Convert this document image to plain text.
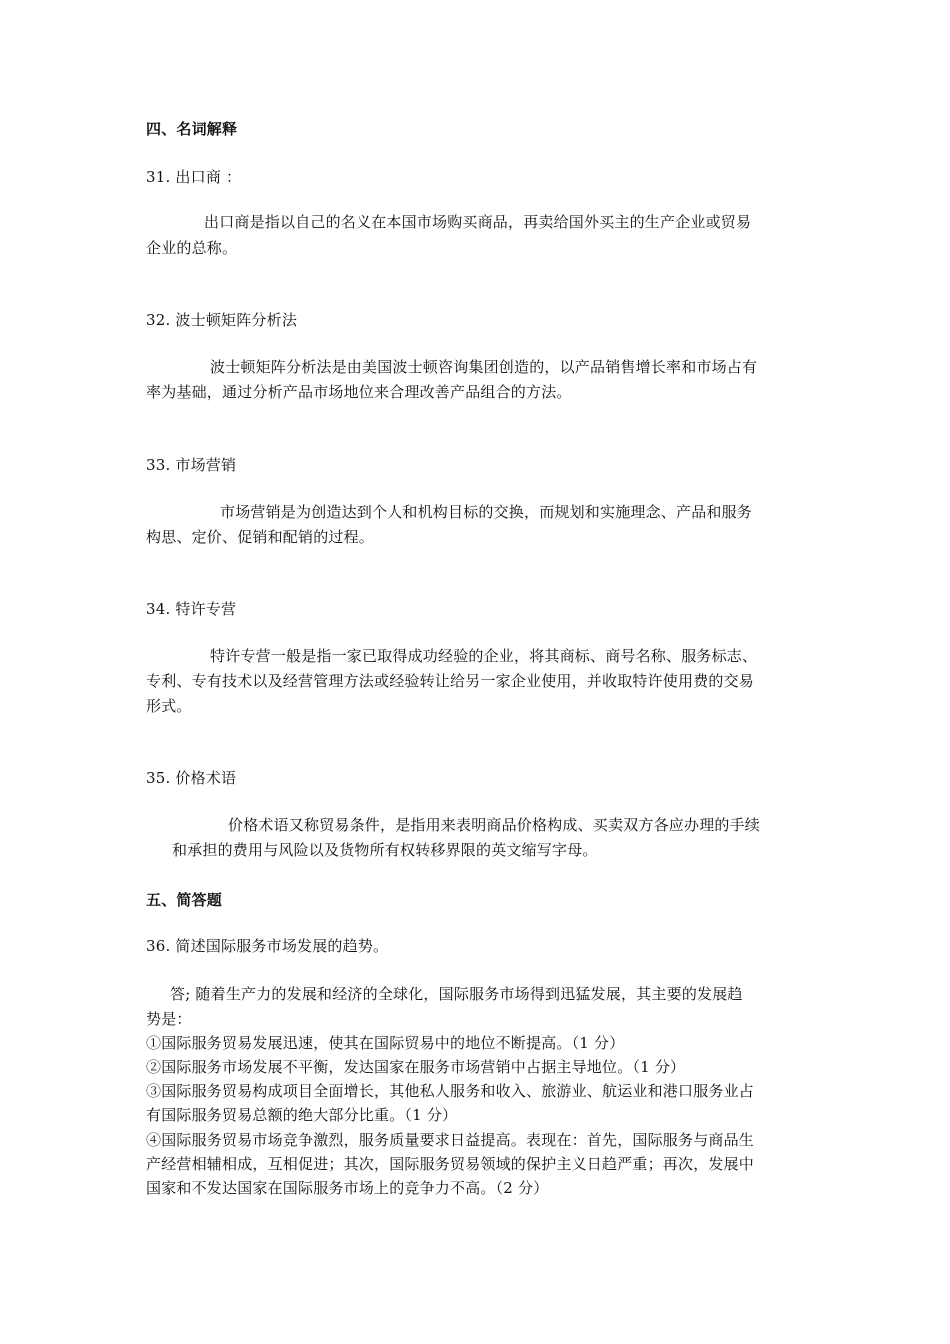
四、名词解释
31. 出口商 ：
出口商是指以自己的名义在本国市场购买商品，再卖给国外买主的生产企业或贸易
企业的总称。
32. 波士顿矩阵分析法
波士顿矩阵分析法是由美国波士顿咨询集团创造的，以产品销售增长率和市场占有
率为基础，通过分析产品市场地位来合理改善产品组合的方法。
33. 市场营销
市场营销是为创造达到个人和机构目标的交换，而规划和实施理念、产品和服务
构思、定价、促销和配销的过程。
34. 特许专营
特许专营一般是指一家已取得成功经验的企业，将其商标、商号名称、服务标志、
专利、专有技术以及经营管理方法或经验转让给另一家企业使用，并收取特许使用费的交易
形式。
35. 价格术语
价格术语又称贸易条件，是指用来表明商品价格构成、买卖双方各应办理的手续
和承担的费用与风险以及货物所有权转移界限的英文缩写字母。
五、简答题
36. 简述国际服务市场发展的趋势。
答; 随着生产力的发展和经济的全球化，国际服务市场得到迅猛发展，其主要的发展趋
势是：
①国际服务贸易发展迅速，使其在国际贸易中的地位不断提高。（1 分）
②国际服务市场发展不平衡，发达国家在服务市场营销中占据主导地位。（1 分）
③国际服务贸易构成项目全面增长，其他私人服务和收入、旅游业、航运业和港口服务业占
有国际服务贸易总额的绝大部分比重。（1 分）
④国际服务贸易市场竞争激烈，服务质量要求日益提高。表现在：首先，国际服务与商品生
产经营相辅相成，互相促进；其次，国际服务贸易领域的保护主义日趋严重；再次，发展中
国家和不发达国家在国际服务市场上的竞争力不高。（2 分）
